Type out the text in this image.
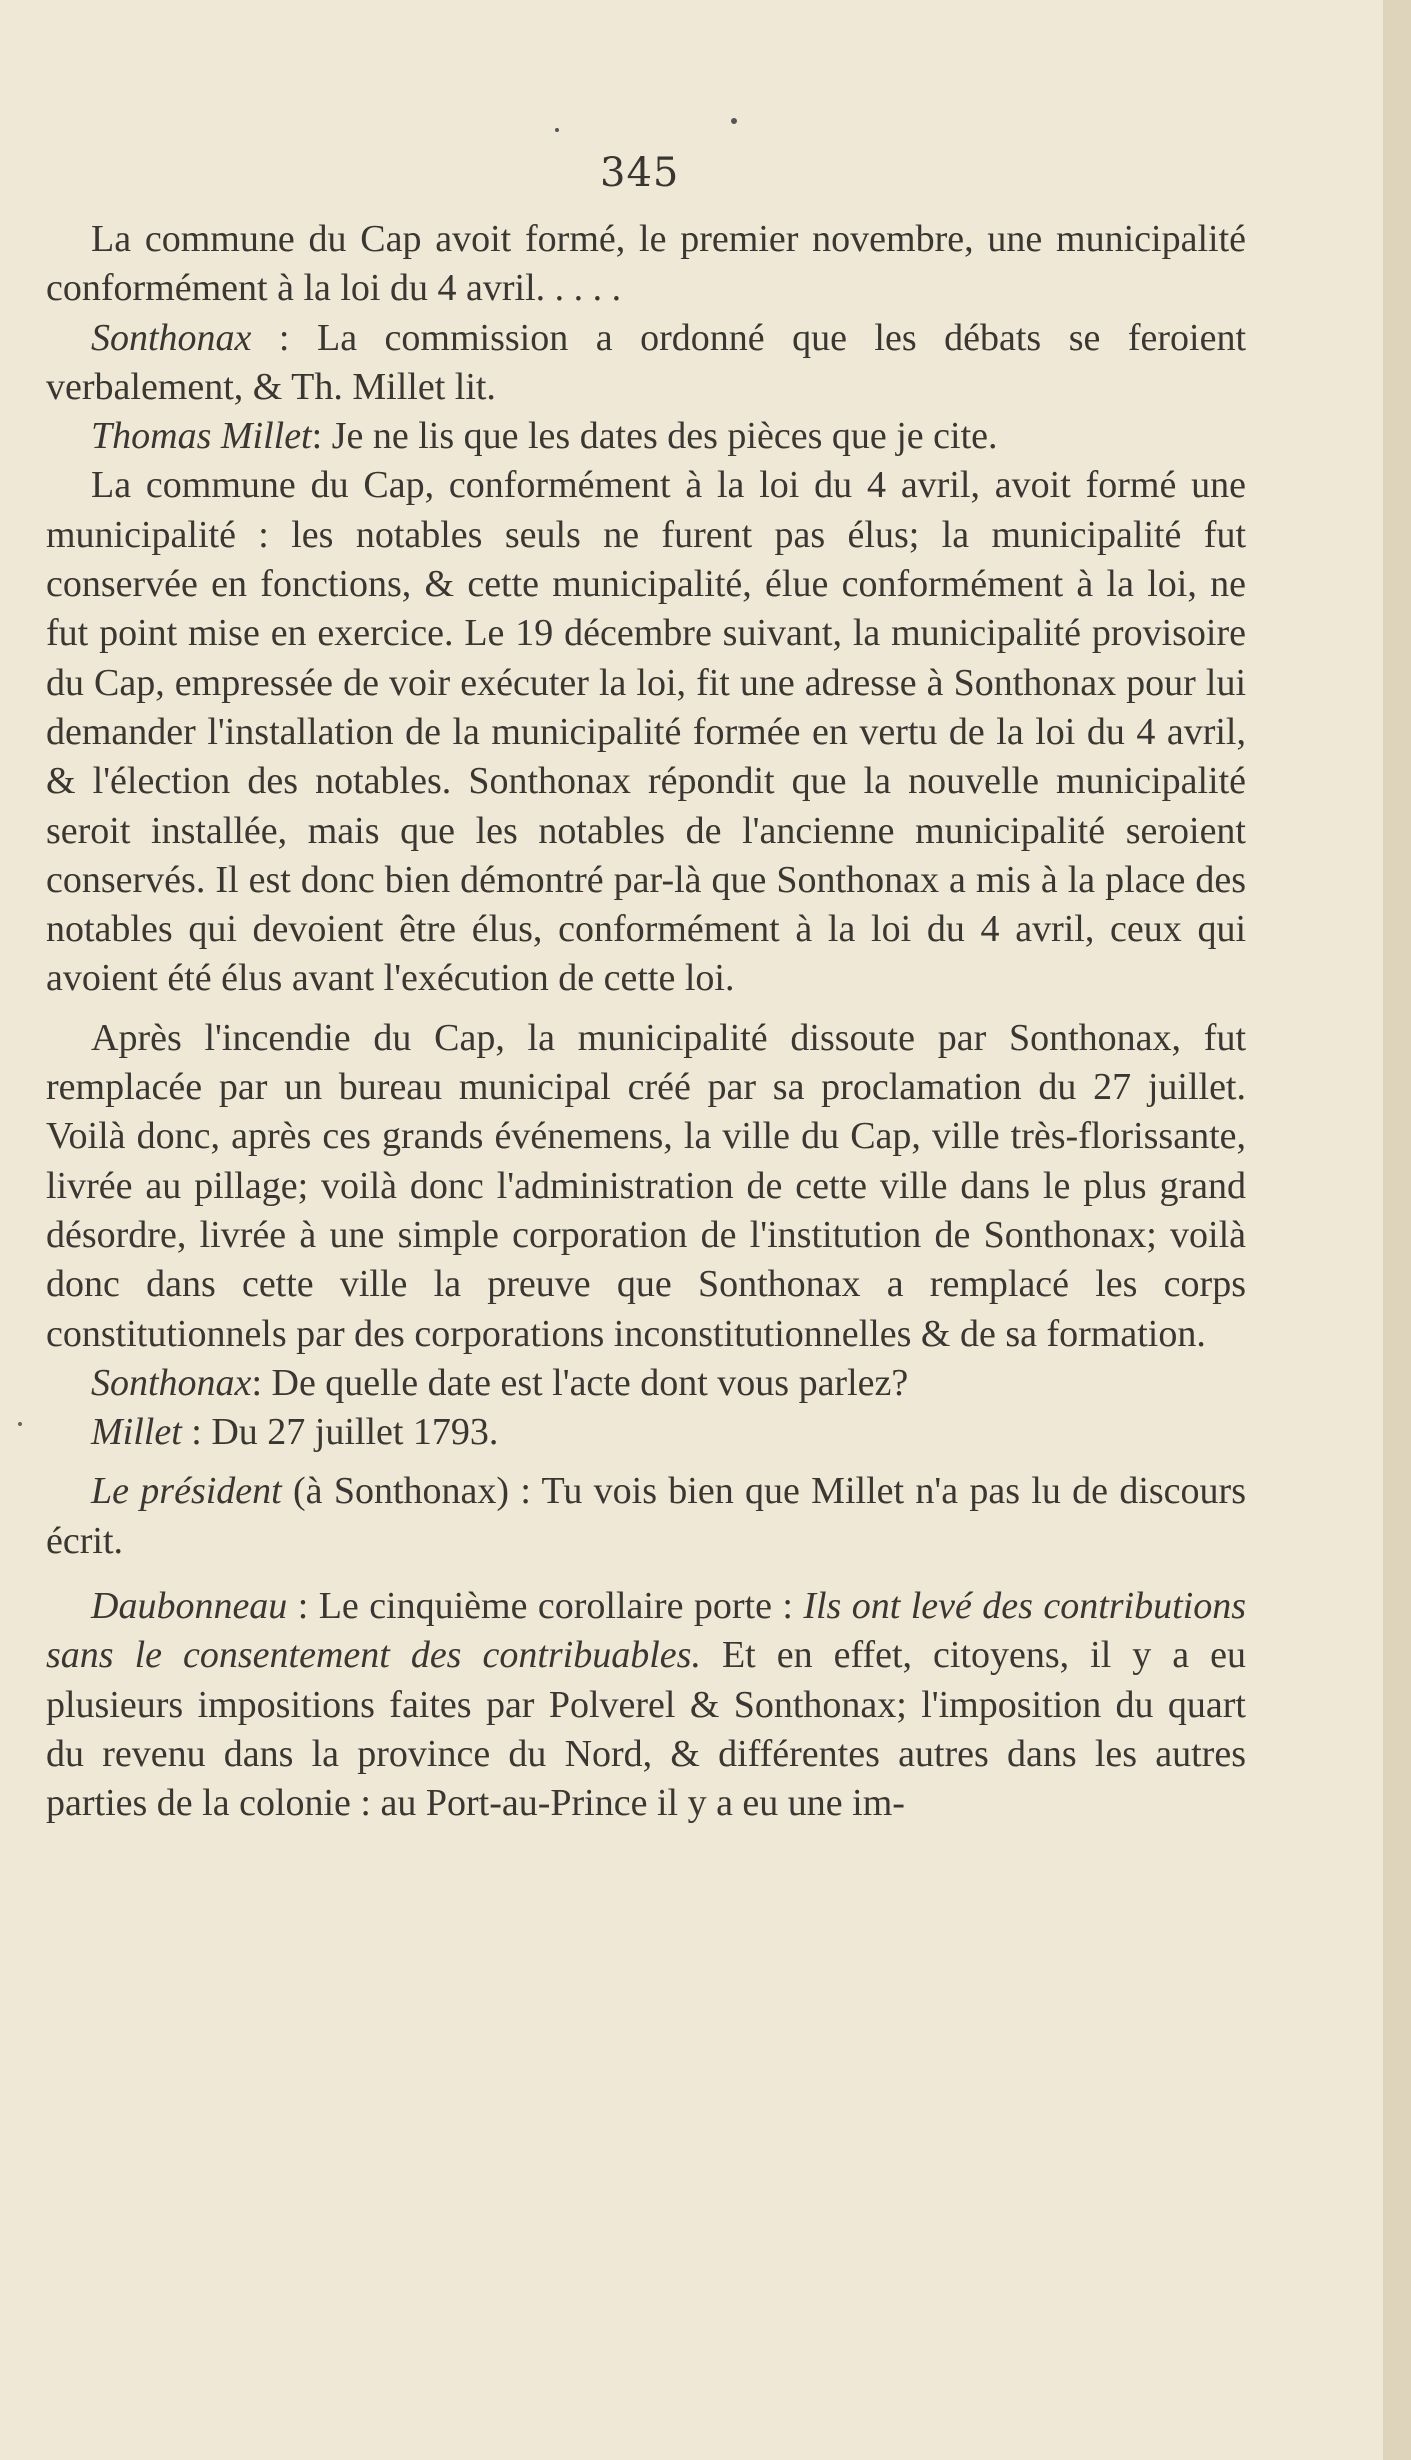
345

La commune du Cap avoit formé, le premier novembre, une municipalité conformément à la loi du 4 avril. . . . .

Sonthonax : La commission a ordonné que les débats se feroient verbalement, & Th. Millet lit.

Thomas Millet: Je ne lis que les dates des pièces que je cite.

La commune du Cap, conformément à la loi du 4 avril, avoit formé une municipalité : les notables seuls ne furent pas élus; la municipalité fut conservée en fonctions, & cette municipalité, élue conformément à la loi, ne fut point mise en exercice. Le 19 décembre suivant, la municipalité provisoire du Cap, empressée de voir exécuter la loi, fit une adresse à Sonthonax pour lui demander l'installation de la municipalité formée en vertu de la loi du 4 avril, & l'élection des notables. Sonthonax répondit que la nouvelle municipalité seroit installée, mais que les notables de l'ancienne municipalité seroient conservés. Il est donc bien démontré par-là que Sonthonax a mis à la place des notables qui devoient être élus, conformément à la loi du 4 avril, ceux qui avoient été élus avant l'exécution de cette loi.

Après l'incendie du Cap, la municipalité dissoute par Sonthonax, fut remplacée par un bureau municipal créé par sa proclamation du 27 juillet. Voilà donc, après ces grands événemens, la ville du Cap, ville très-florissante, livrée au pillage; voilà donc l'administration de cette ville dans le plus grand désordre, livrée à une simple corporation de l'institution de Sonthonax; voilà donc dans cette ville la preuve que Sonthonax a remplacé les corps constitutionnels par des corporations inconstitutionnelles & de sa formation.

Sonthonax: De quelle date est l'acte dont vous parlez?

Millet : Du 27 juillet 1793.

Le président (à Sonthonax) : Tu vois bien que Millet n'a pas lu de discours écrit.

Daubonneau : Le cinquième corollaire porte : Ils ont levé des contributions sans le consentement des contribuables. Et en effet, citoyens, il y a eu plusieurs impositions faites par Polverel & Sonthonax; l'imposition du quart du revenu dans la province du Nord, & différentes autres dans les autres parties de la colonie : au Port-au-Prince il y a eu une im-
